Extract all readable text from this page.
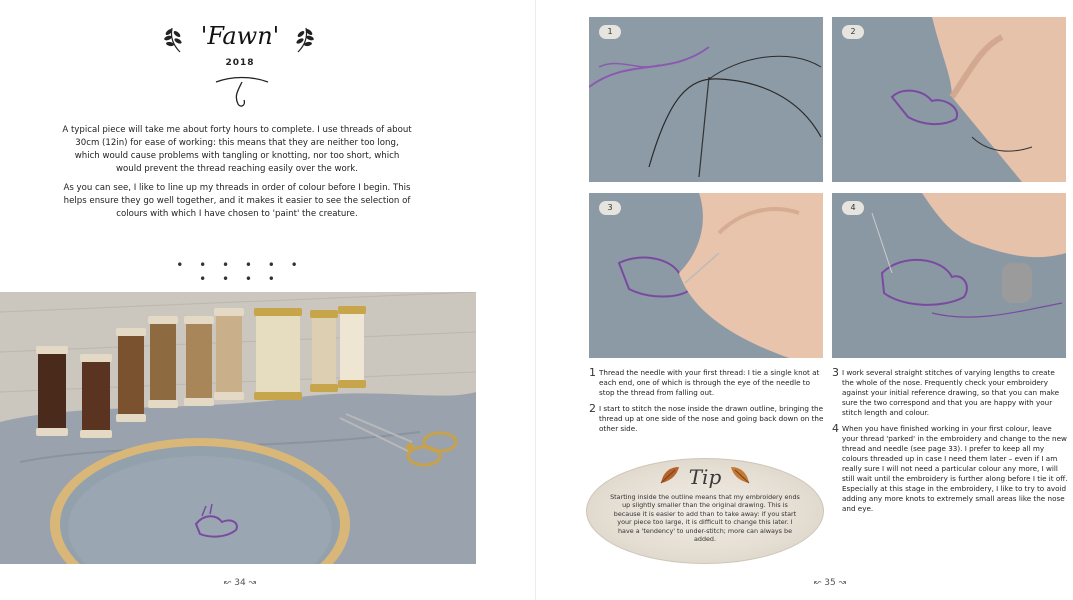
'Fawn'
2018

A typical piece will take me about forty hours to complete. I use threads of about 30cm (12in) for ease of working: this means that they are neither too long, which would cause problems with tangling or knotting, nor too short, which would prevent the thread reaching easily over the work.

As you can see, I like to line up my threads in order of colour before I begin. This helps ensure they go well together, and it makes it easier to see the selection of colours with which I have chosen to 'paint' the creature.

• • • • • • • • • •
↜ 34 ↝
1	2
3	4
1 Thread the needle with your first thread: I tie a single knot at each end, one of which is through the eye of the needle to stop the thread from falling out.
2 I start to stitch the nose inside the drawn outline, bringing the thread up at one side of the nose and going back down on the other side.
3 I work several straight stitches of varying lengths to create the whole of the nose. Frequently check your embroidery against your initial reference drawing, so that you can make sure the two correspond and that you are happy with your stitch length and colour.
4 When you have finished working in your first colour, leave your thread 'parked' in the embroidery and change to the new thread and needle (see page 33). I prefer to keep all my colours threaded up in case I need them later – even if I am really sure I will not need a particular colour any more, I will still wait until the embroidery is further along before I tie it off. Especially at this stage in the embroidery, I like to try to avoid adding any more knots to extremely small areas like the nose and eye.
Tip
Starting inside the outline means that my embroidery ends up slightly smaller than the original drawing. This is because it is easier to add than to take away: if you start your piece too large, it is difficult to change this later. I have a 'tendency' to under-stitch; more can always be added.
↜ 35 ↝
